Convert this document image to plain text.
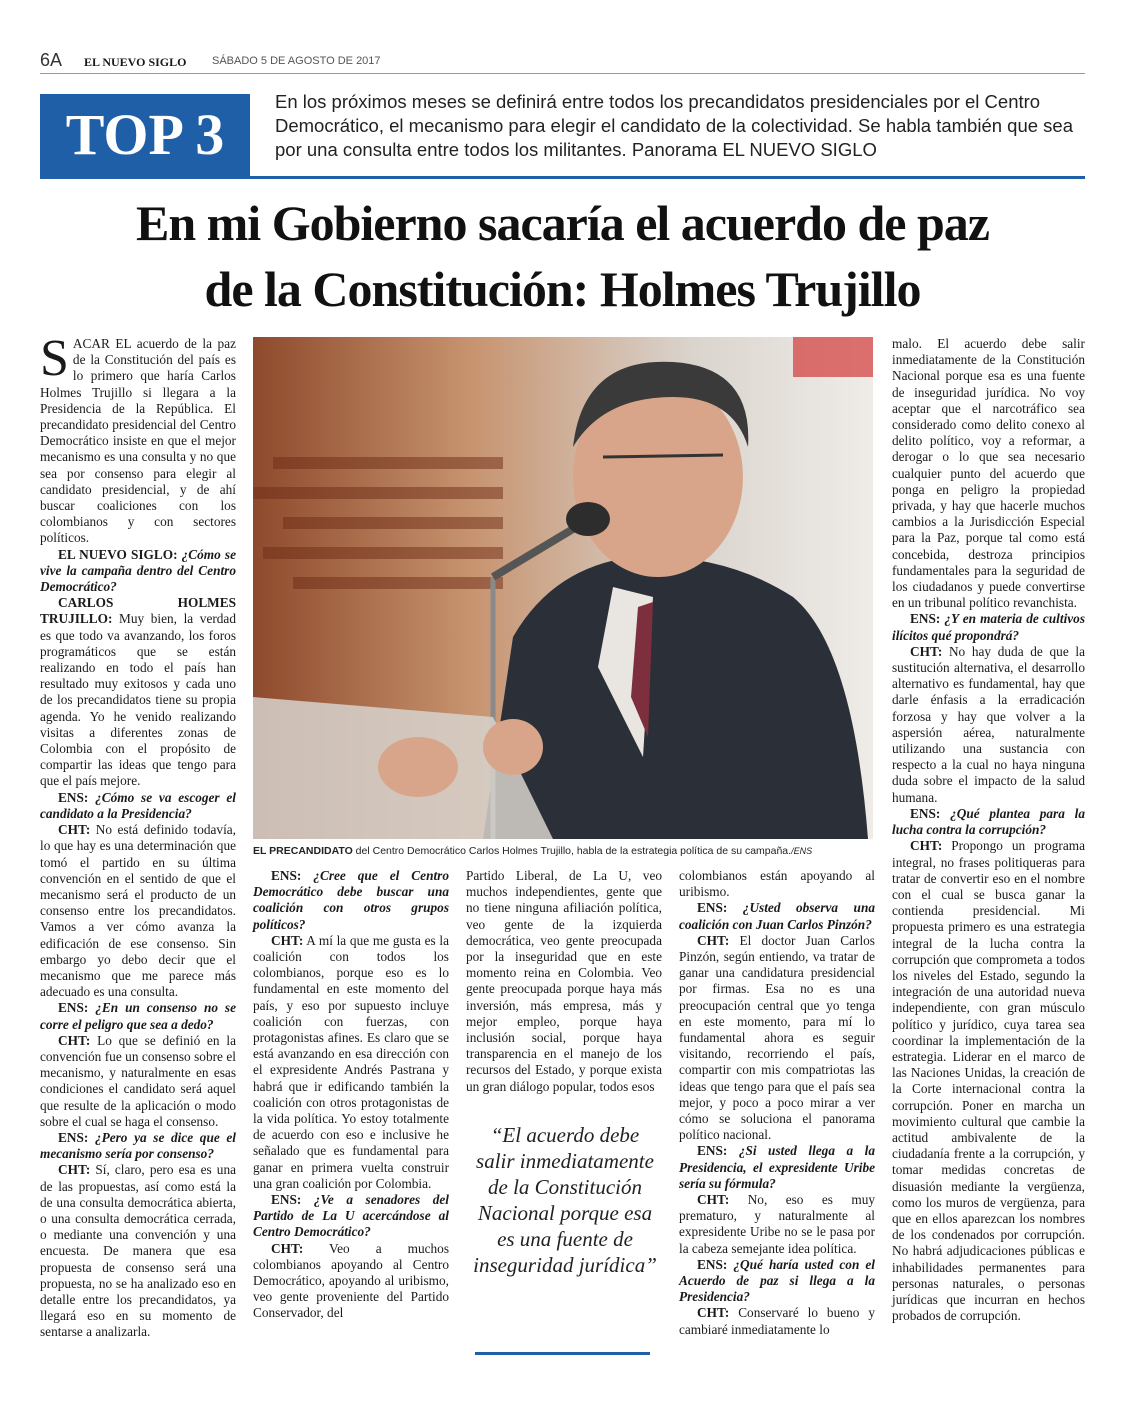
6A EL NUEVO SIGLO SÁBADO 5 DE AGOSTO DE 2017
TOP 3
En los próximos meses se definirá entre todos los precandidatos presidenciales por el Centro Democrático, el mecanismo para elegir el candidato de la colectividad. Se habla también que sea por una consulta entre todos los militantes. Panorama EL NUEVO SIGLO
En mi Gobierno sacaría el acuerdo de paz
de la Constitución: Holmes Trujillo

SACAR EL acuerdo de la paz de la Constitución del país es lo primero que haría Carlos Holmes Trujillo si llegara a la Presidencia de la República. El precandidato presidencial del Centro Democrático insiste en que el mejor mecanismo es una consulta y no que sea por consenso para elegir al candidato presidencial, y de ahí buscar coaliciones con los colombianos y con sectores políticos.

EL NUEVO SIGLO: ¿Cómo se vive la campaña dentro del Centro Democrático?

CARLOS HOLMES TRUJILLO: Muy bien, la verdad es que todo va avanzando, los foros programáticos que se están realizando en todo el país han resultado muy exitosos y cada uno de los precandidatos tiene su propia agenda. Yo he venido realizando visitas a diferentes zonas de Colombia con el propósito de compartir las ideas que tengo para que el país mejore.

ENS: ¿Cómo se va escoger el candidato a la Presidencia?

CHT: No está definido todavía, lo que hay es una determinación que tomó el partido en su última convención en el sentido de que el mecanismo será el producto de un consenso entre los precandidatos. Vamos a ver cómo avanza la edificación de ese consenso. Sin embargo yo debo decir que el mecanismo que me parece más adecuado es una consulta.

ENS: ¿En un consenso no se corre el peligro que sea a dedo?

CHT: Lo que se definió en la convención fue un consenso sobre el mecanismo, y naturalmente en esas condiciones el candidato será aquel que resulte de la aplicación o modo sobre el cual se haga el consenso.

ENS: ¿Pero ya se dice que el mecanismo sería por consenso?

CHT: Sí, claro, pero esa es una de las propuestas, así como está la de una consulta democrática abierta, o una consulta democrática cerrada, o mediante una convención y una encuesta. De manera que esa propuesta de consenso será una propuesta, no se ha analizado eso en detalle entre los precandidatos, ya llegará eso en su momento de sentarse a analizarla.

EL PRECANDIDATO del Centro Democrático Carlos Holmes Trujillo, habla de la estrategia política de su campaña./ENS

ENS: ¿Cree que el Centro Democrático debe buscar una coalición con otros grupos políticos?

CHT: A mí la que me gusta es la coalición con todos los colombianos, porque eso es lo fundamental en este momento del país, y eso por supuesto incluye coalición con fuerzas, con protagonistas afines. Es claro que se está avanzando en esa dirección con el expresidente Andrés Pastrana y habrá que ir edificando también la coalición con otros protagonistas de la vida política. Yo estoy totalmente de acuerdo con eso e inclusive he señalado que es fundamental para ganar en primera vuelta construir una gran coalición por Colombia.

ENS: ¿Ve a senadores del Partido de La U acercándose al Centro Democrático?

CHT: Veo a muchos colombianos apoyando al Centro Democrático, apoyando al uribismo, veo gente proveniente del Partido Conservador, del

Partido Liberal, de La U, veo muchos independientes, gente que no tiene ninguna afiliación política, veo gente de la izquierda democrática, veo gente preocupada por la inseguridad que en este momento reina en Colombia. Veo gente preocupada porque haya más inversión, más empresa, más y mejor empleo, porque haya inclusión social, porque haya transparencia en el manejo de los recursos del Estado, y porque exista un gran diálogo popular, todos esos

“El acuerdo debe salir inmediatamente de la Constitución Nacional porque esa es una fuente de inseguridad jurídica”

colombianos están apoyando al uribismo.

ENS: ¿Usted observa una coalición con Juan Carlos Pinzón?

CHT: El doctor Juan Carlos Pinzón, según entiendo, va tratar de ganar una candidatura presidencial por firmas. Esa no es una preocupación central que yo tenga en este momento, para mí lo fundamental ahora es seguir visitando, recorriendo el país, compartir con mis compatriotas las ideas que tengo para que el país sea mejor, y poco a poco mirar a ver cómo se soluciona el panorama político nacional.

ENS: ¿Si usted llega a la Presidencia, el expresidente Uribe sería su fórmula?

CHT: No, eso es muy prematuro, y naturalmente al expresidente Uribe no se le pasa por la cabeza semejante idea política.

ENS: ¿Qué haría usted con el Acuerdo de paz si llega a la Presidencia?

CHT: Conservaré lo bueno y cambiaré inmediatamente lo

malo. El acuerdo debe salir inmediatamente de la Constitución Nacional porque esa es una fuente de inseguridad jurídica. No voy aceptar que el narcotráfico sea considerado como delito conexo al delito político, voy a reformar, a derogar o lo que sea necesario cualquier punto del acuerdo que ponga en peligro la propiedad privada, y hay que hacerle muchos cambios a la Jurisdicción Especial para la Paz, porque tal como está concebida, destroza principios fundamentales para la seguridad de los ciudadanos y puede convertirse en un tribunal político revanchista.

ENS: ¿Y en materia de cultivos ilícitos qué propondrá?

CHT: No hay duda de que la sustitución alternativa, el desarrollo alternativo es fundamental, hay que darle énfasis a la erradicación forzosa y hay que volver a la aspersión aérea, naturalmente utilizando una sustancia con respecto a la cual no haya ninguna duda sobre el impacto de la salud humana.

ENS: ¿Qué plantea para la lucha contra la corrupción?

CHT: Propongo un programa integral, no frases politiqueras para tratar de convertir eso en el nombre con el cual se busca ganar la contienda presidencial. Mi propuesta primero es una estrategia integral de la lucha contra la corrupción que comprometa a todos los niveles del Estado, segundo la integración de una autoridad nueva independiente, con gran músculo político y jurídico, cuya tarea sea coordinar la implementación de la estrategia. Liderar en el marco de las Naciones Unidas, la creación de la Corte internacional contra la corrupción. Poner en marcha un movimiento cultural que cambie la actitud ambivalente de la ciudadanía frente a la corrupción, y tomar medidas concretas de disuasión mediante la vergüenza, como los muros de vergüenza, para que en ellos aparezcan los nombres de los condenados por corrupción. No habrá adjudicaciones públicas e inhabilidades permanentes para personas naturales, o personas jurídicas que incurran en hechos probados de corrupción.
